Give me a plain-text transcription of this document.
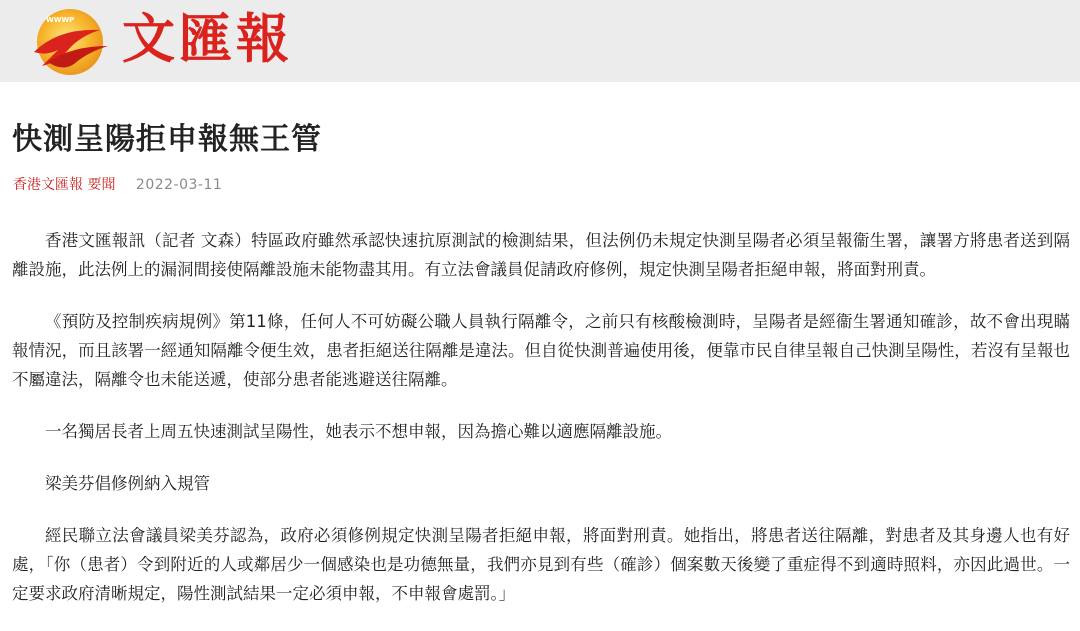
WWWP 文匯報
快測呈陽拒申報無王管
香港文匯報 要聞 2022-03-11

香港文匯報訊（記者 文森）特區政府雖然承認快速抗原測試的檢測結果，但法例仍未規定快測呈陽者必須呈報衞生署，讓署方將患者送到隔離設施，此法例上的漏洞間接使隔離設施未能物盡其用。有立法會議員促請政府修例，規定快測呈陽者拒絕申報，將面對刑責。

《預防及控制疾病規例》第11條，任何人不可妨礙公職人員執行隔離令，之前只有核酸檢測時，呈陽者是經衞生署通知確診，故不會出現瞞報情況，而且該署一經通知隔離令便生效，患者拒絕送往隔離是違法。但自從快測普遍使用後，便靠市民自律呈報自己快測呈陽性，若沒有呈報也不屬違法，隔離令也未能送遞，使部分患者能逃避送往隔離。

一名獨居長者上周五快速測試呈陽性，她表示不想申報，因為擔心難以適應隔離設施。

梁美芬倡修例納入規管

經民聯立法會議員梁美芬認為，政府必須修例規定快測呈陽者拒絕申報，將面對刑責。她指出，將患者送往隔離，對患者及其身邊人也有好處，「你（患者）令到附近的人或鄰居少一個感染也是功德無量，我們亦見到有些（確診）個案數天後變了重症得不到適時照料，亦因此過世。一定要求政府清晰規定，陽性測試結果一定必須申報，不申報會處罰。」
